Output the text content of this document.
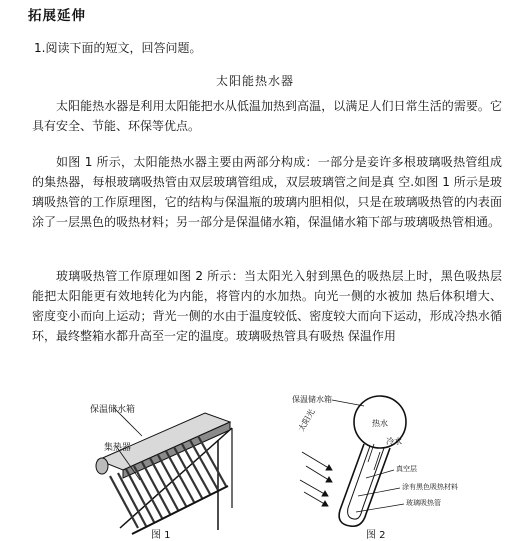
拓展延伸
1.阅读下面的短文，回答问题。
太阳能热水器
太阳能热水器是利用太阳能把水从低温加热到高温，以满足人们日常生活的需要。它具有安全、节能、环保等优点。
如图 1 所示，太阳能热水器主要由两部分构成：一部分是妾许多根玻璃吸热管组成的集热器，每根玻璃吸热管由双层玻璃管组成，双层玻璃管之间是真 空.如图 1 所示是玻璃吸热管的工作原理图，它的结构与保温瓶的玻璃内胆相似，只是在玻璃吸热管的内表面涂了一层黑色的吸热材料；另一部分是保温储水箱，保温储水箱下部与玻璃吸热管相通。
玻璃吸热管工作原理如图 2 所示：当太阳光入射到黑色的吸热层上时，黑色吸热层能把太阳能更有效地转化为内能，将管内的水加热。向光一侧的水被加 热后体积增大、密度变小而向上运动；背光一侧的水由于温度较低、密度较大而向下运动，形成冷热水循环，最终整箱水都升高至一定的温度。玻璃吸热管具有吸热 保温作用
保温储水箱
集热器
图 1
保温储水箱
热水
冷水
太阳光
真空层
涂有黑色吸热材料
玻璃吸热管
图 2
